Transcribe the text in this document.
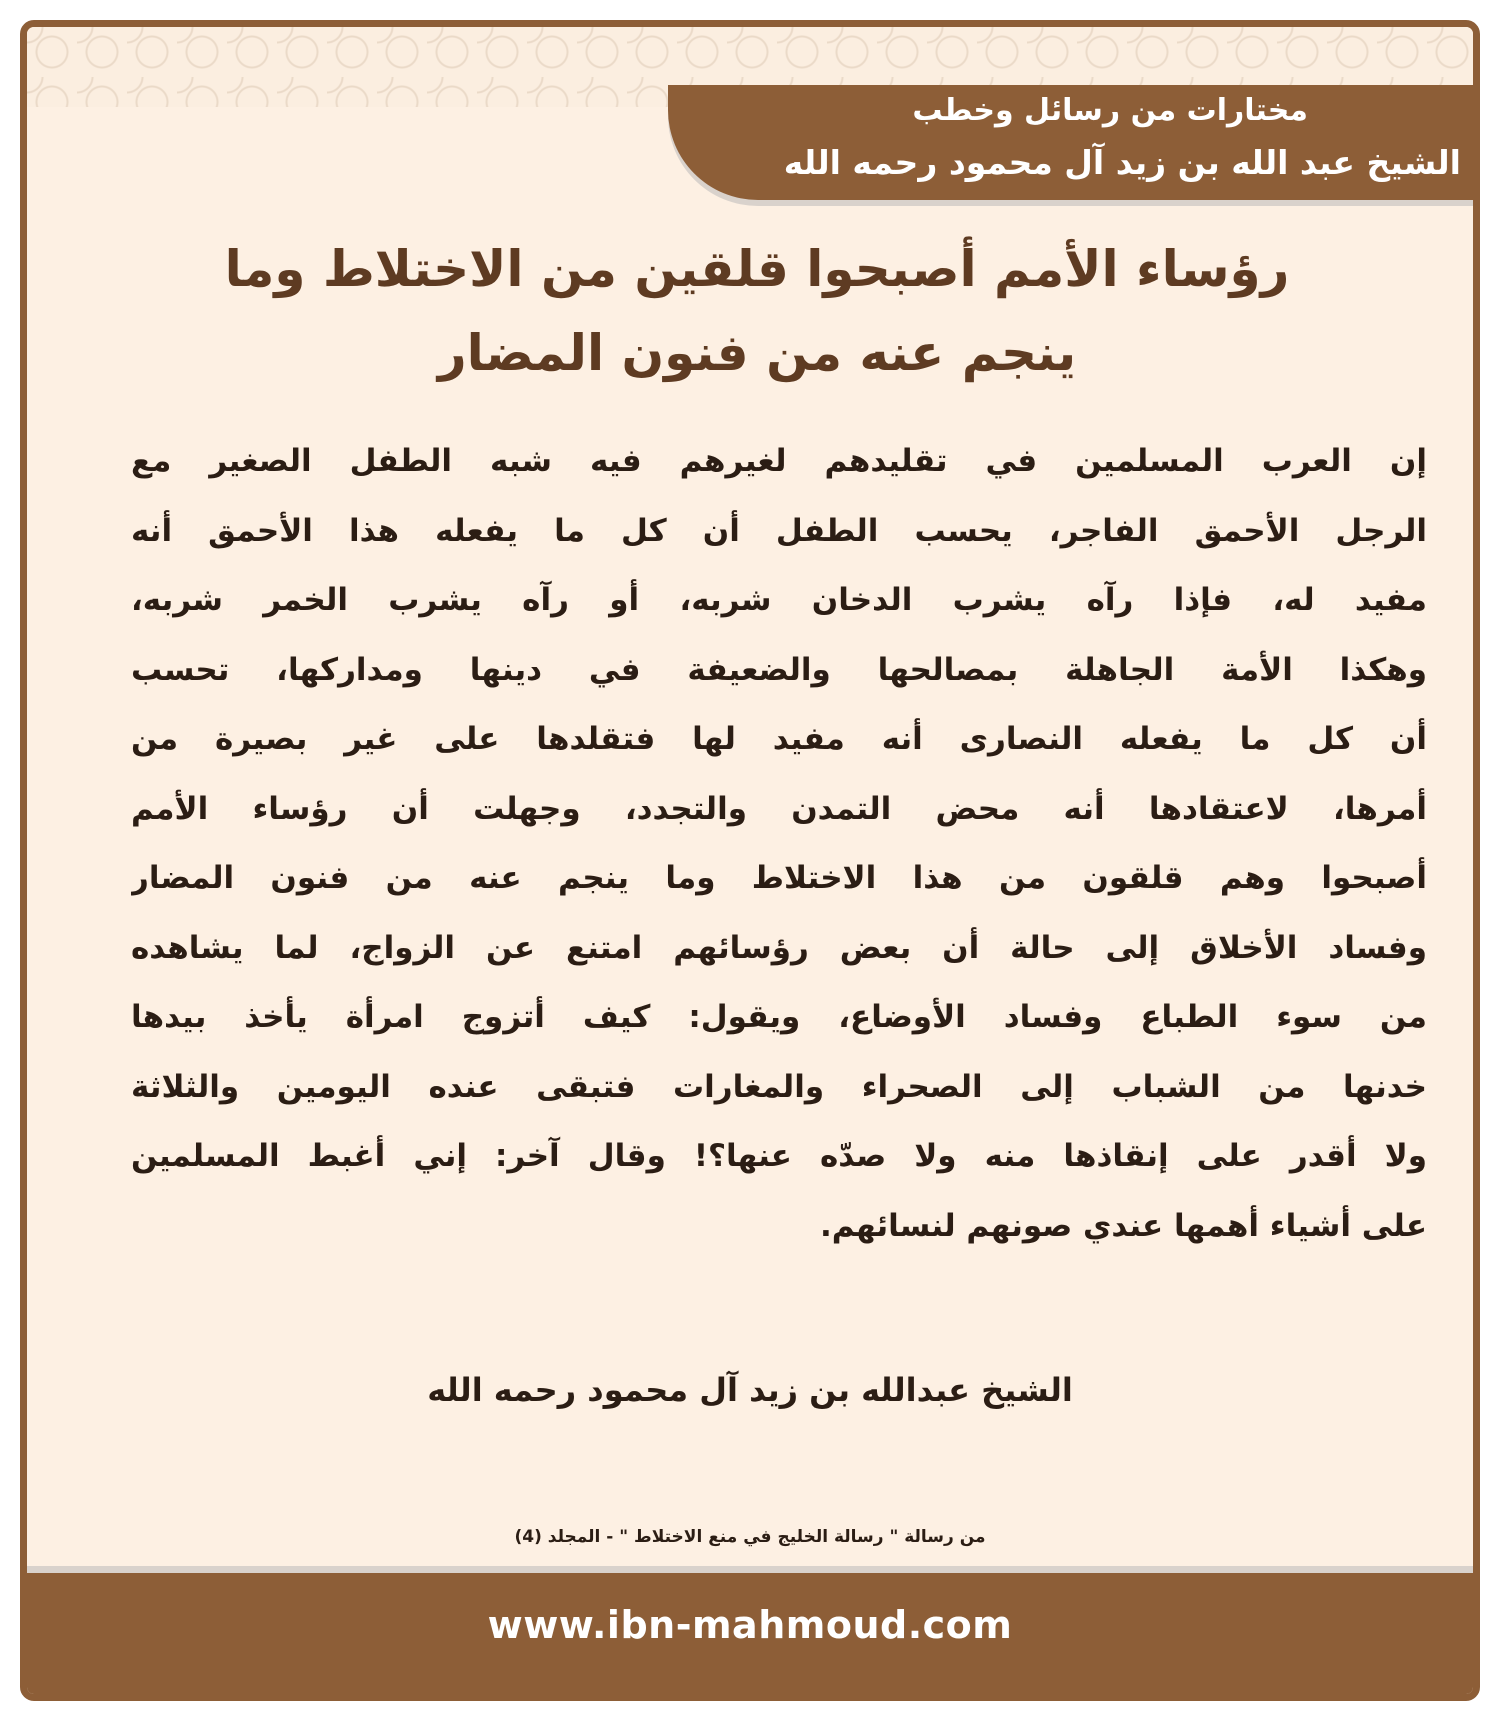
مختارات من رسائل وخطب
الشيخ عبد الله بن زيد آل محمود رحمه الله
رؤساء الأمم أصبحوا قلقين من الاختلاط وما
ينجم عنه من فنون المضار
إن العرب المسلمين في تقليدهم لغيرهم فيه شبه الطفل الصغير مع
الرجل الأحمق الفاجر، يحسب الطفل أن كل ما يفعله هذا الأحمق أنه
مفيد له، فإذا رآه يشرب الدخان شربه، أو رآه يشرب الخمر شربه،
وهكذا الأمة الجاهلة بمصالحها والضعيفة في دينها ومداركها، تحسب
أن كل ما يفعله النصارى أنه مفيد لها فتقلدها على غير بصيرة من
أمرها، لاعتقادها أنه محض التمدن والتجدد، وجهلت أن رؤساء الأمم
أصبحوا وهم قلقون من هذا الاختلاط وما ينجم عنه من فنون المضار
وفساد الأخلاق إلى حالة أن بعض رؤسائهم امتنع عن الزواج، لما يشاهده
من سوء الطباع وفساد الأوضاع، ويقول: كيف أتزوج امرأة يأخذ بيدها
خدنها من الشباب إلى الصحراء والمغارات فتبقى عنده اليومين والثلاثة
ولا أقدر على إنقاذها منه ولا صدّه عنها؟! وقال آخر: إني أغبط المسلمين
على أشياء أهمها عندي صونهم لنسائهم.
الشيخ عبدالله بن زيد آل محمود رحمه الله
من رسالة " رسالة الخليج في منع الاختلاط " - المجلد (4)
www.ibn-mahmoud.com
